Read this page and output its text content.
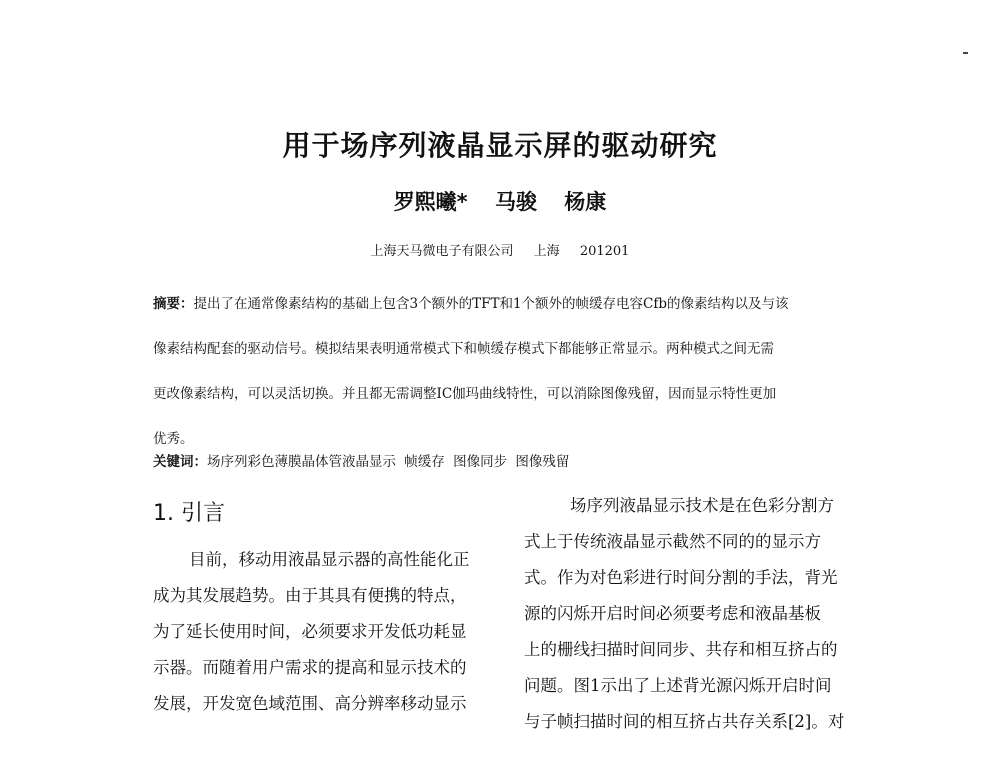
用于场序列液晶显示屏的驱动研究
罗熙曦* 马骏 杨康
上海天马微电子有限公司 上海 201201
摘要：提出了在通常像素结构的基础上包含3个额外的TFT和1个额外的帧缓存电容Cfb的像素结构以及与该
像素结构配套的驱动信号。模拟结果表明通常模式下和帧缓存模式下都能够正常显示。两种模式之间无需
更改像素结构，可以灵活切换。并且都无需调整IC伽玛曲线特性，可以消除图像残留，因而显示特性更加
优秀。
关键词：场序列彩色薄膜晶体管液晶显示 帧缓存 图像同步 图像残留
1. 引言
目前，移动用液晶显示器的高性能化正
成为其发展趋势。由于其具有便携的特点，
为了延长使用时间，必须要求开发低功耗显
示器。而随着用户需求的提高和显示技术的
发展，开发宽色域范围、高分辨率移动显示
场序列液晶显示技术是在色彩分割方
式上于传统液晶显示截然不同的的显示方
式。作为对色彩进行时间分割的手法，背光
源的闪烁开启时间必须要考虑和液晶基板
上的栅线扫描时间同步、共存和相互挤占的
问题。图1示出了上述背光源闪烁开启时间
与子帧扫描时间的相互挤占共存关系[2]。对
